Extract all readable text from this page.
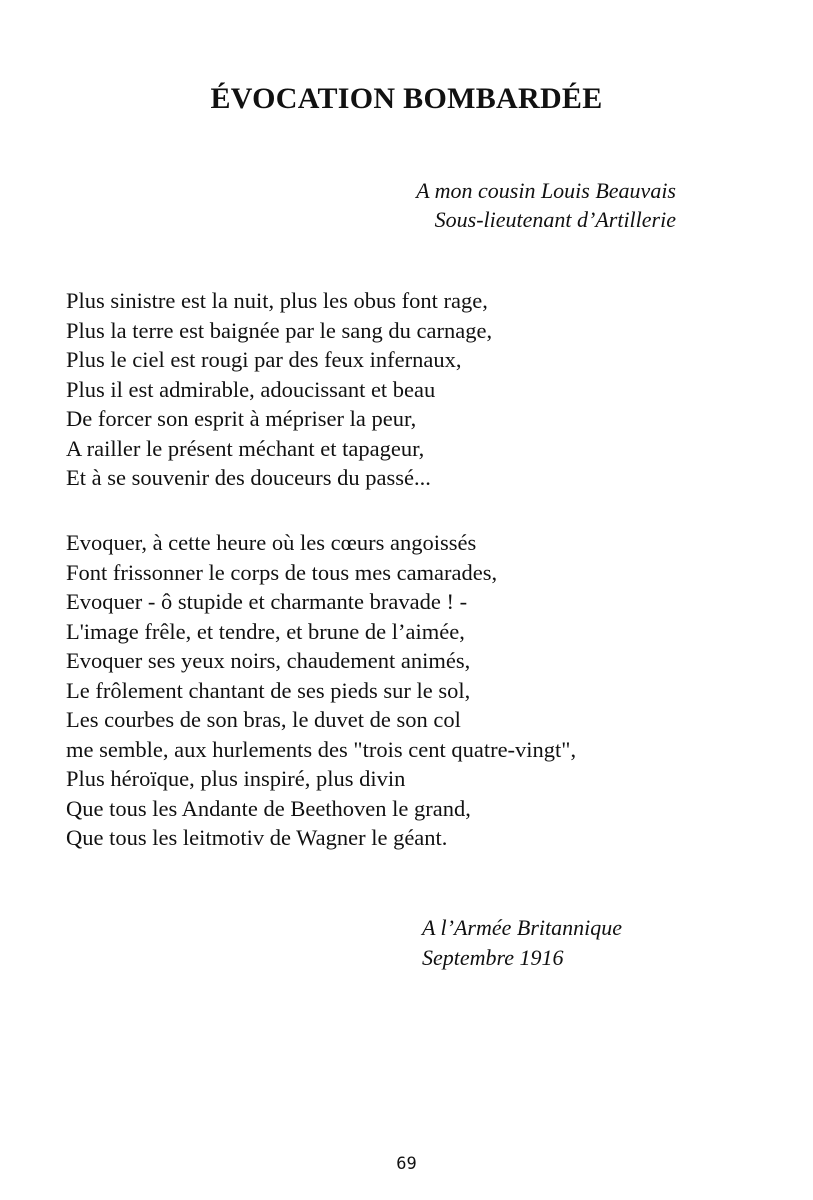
ÉVOCATION BOMBARDÉE
A mon cousin Louis Beauvais
Sous-lieutenant d’Artillerie
Plus sinistre est la nuit, plus les obus font rage,
Plus la terre est baignée par le sang du carnage,
Plus le ciel est rougi par des feux infernaux,
Plus il est admirable, adoucissant et beau
De forcer son esprit à mépriser la peur,
A railler le présent méchant et tapageur,
Et à se souvenir des douceurs du passé...
Evoquer, à cette heure où les cœurs angoissés
Font frissonner le corps de tous mes camarades,
Evoquer - ô stupide et charmante bravade ! -
L'image frêle, et tendre, et brune de l’aimée,
Evoquer ses yeux noirs, chaudement animés,
Le frôlement chantant de ses pieds sur le sol,
Les courbes de son bras, le duvet de son col
me semble, aux hurlements des "trois cent quatre-vingt",
Plus héroïque, plus inspiré, plus divin
Que tous les Andante de Beethoven le grand,
Que tous les leitmotiv de Wagner le géant.
A l’Armée Britannique
Septembre 1916
69
